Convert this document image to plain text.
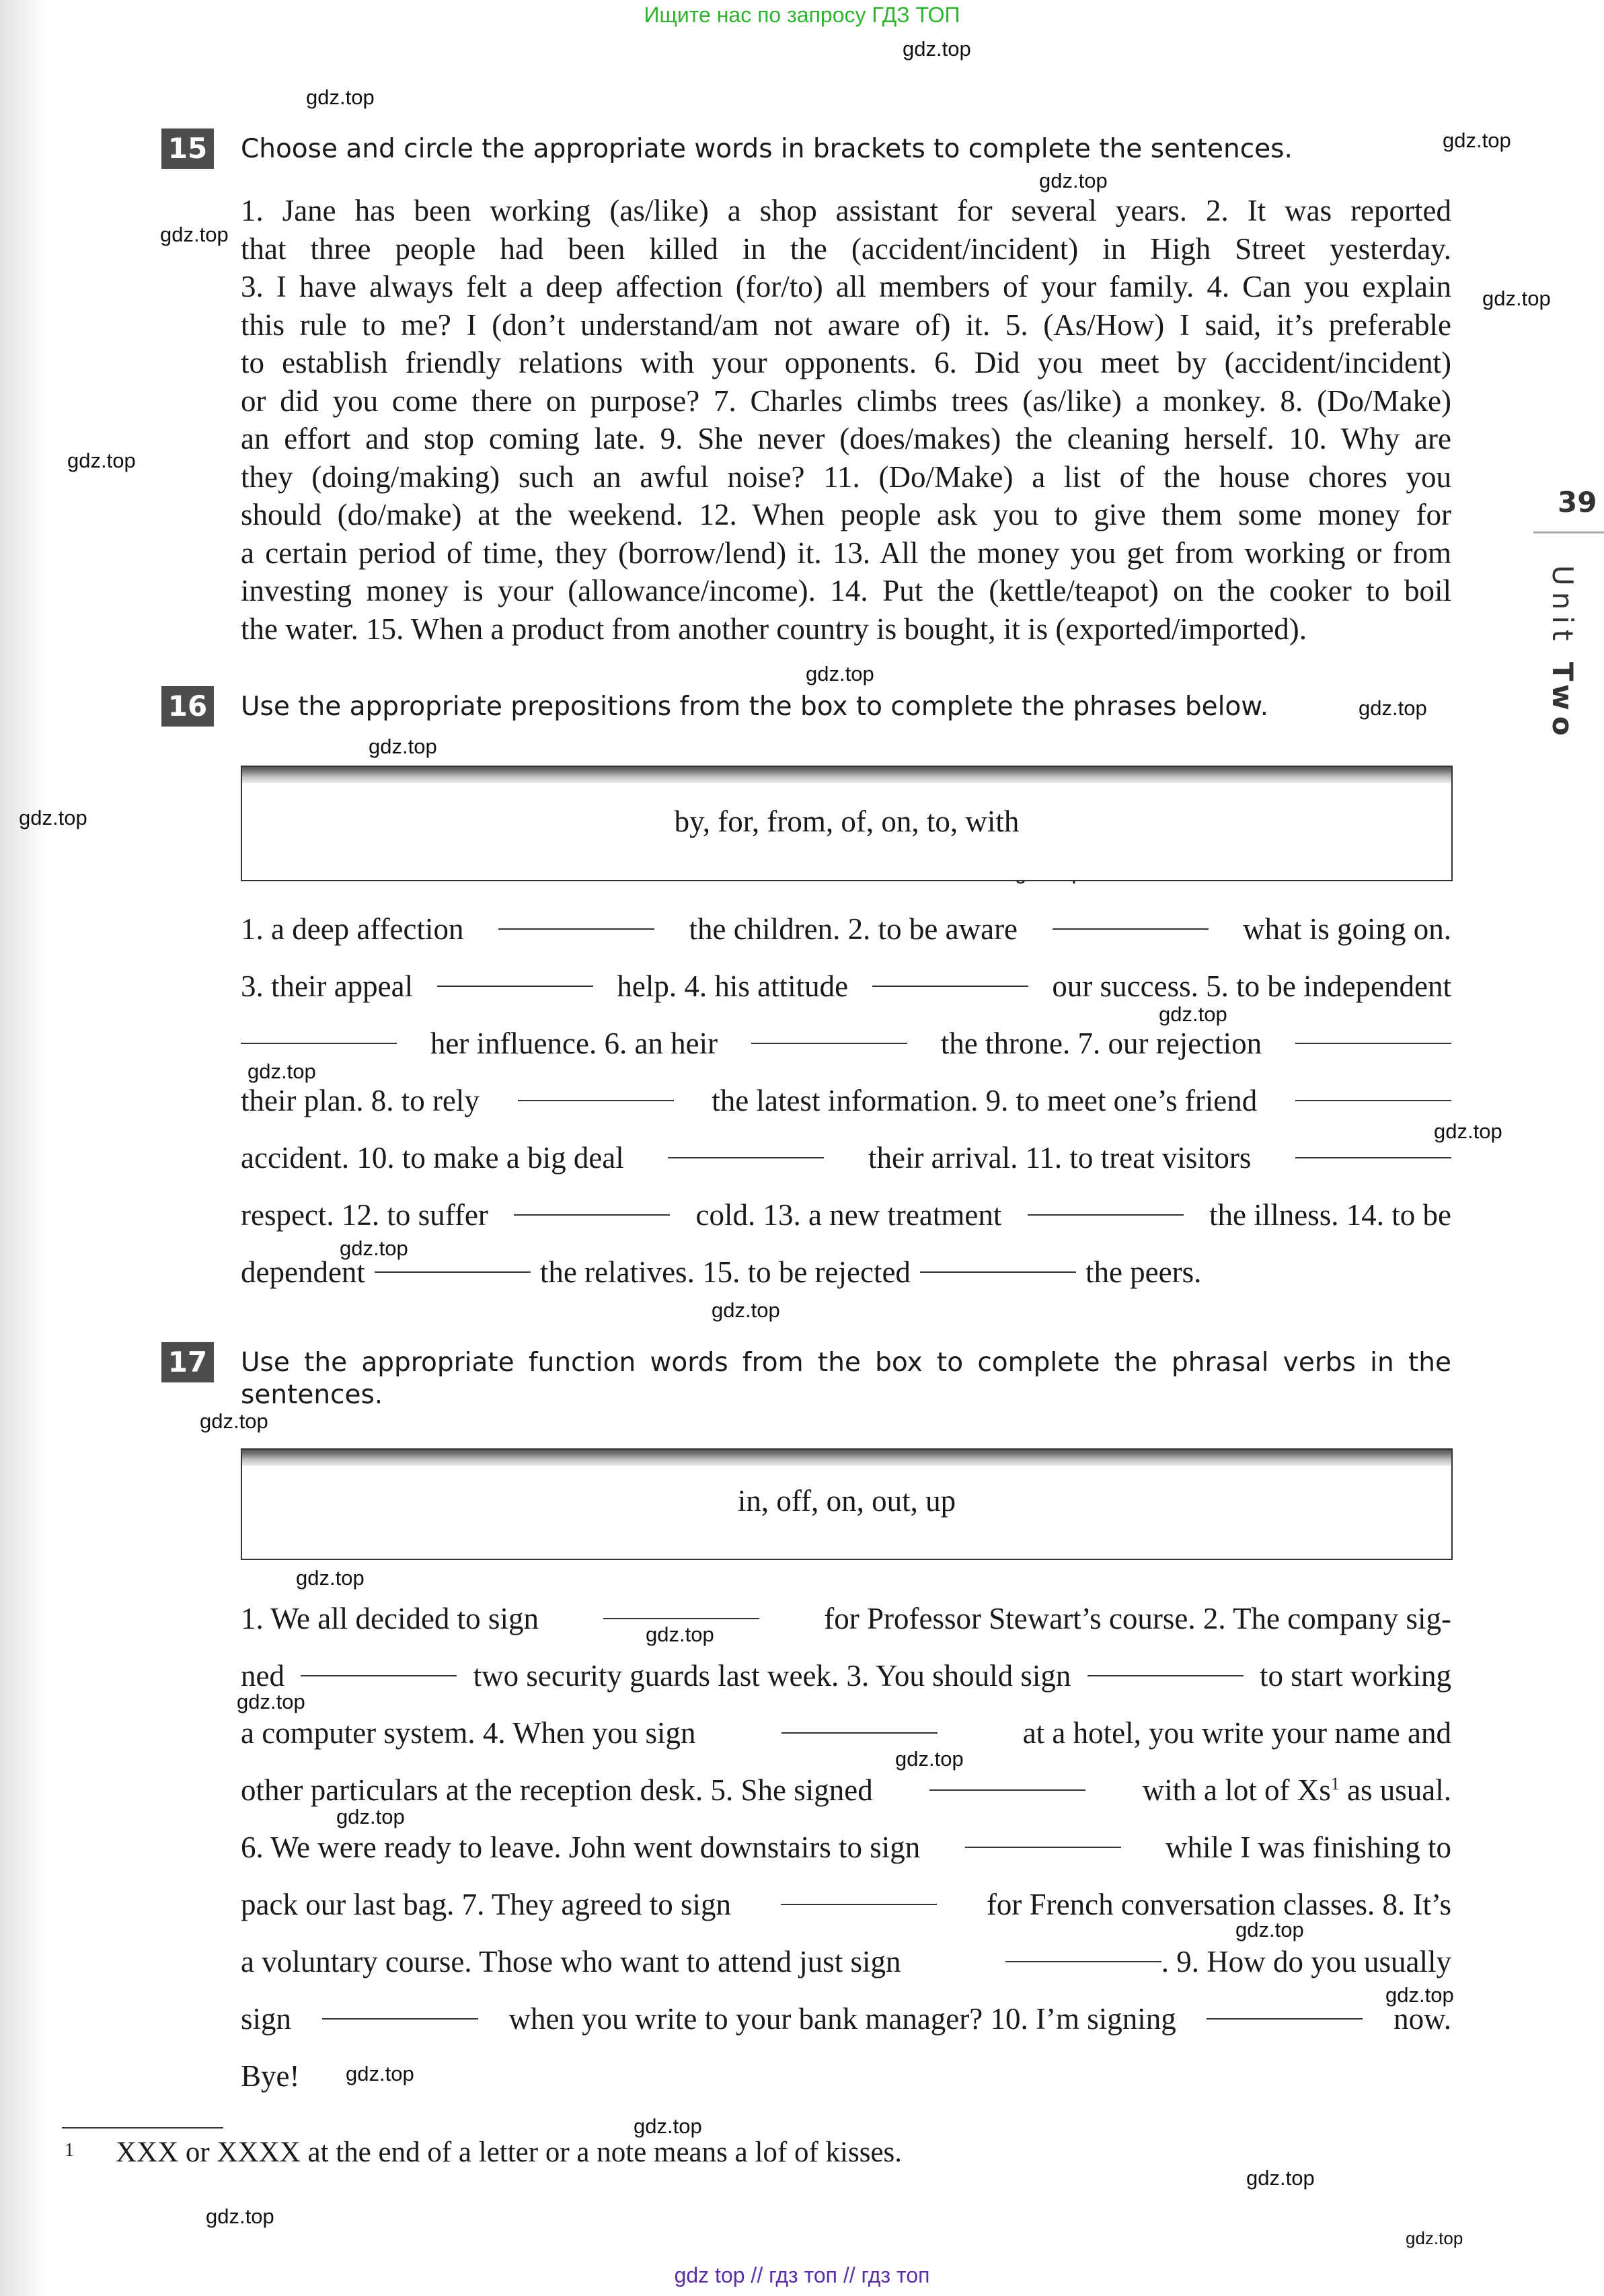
Ищите нас по запросу ГДЗ ТОП
gdz.top
gdz.top
gdz.top
gdz.top
gdz.top
gdz.top
gdz.top
gdz.top
gdz.top
gdz.top
gdz.top
gdz.top
gdz.top
gdz.top
gdz.top
gdz.top
gdz.top
gdz.top
gdz.top
gdz.top
gdz.top
gdz.top
gdz.top
gdz.top
gdz.top
gdz.top
gdz.top
gdz.top
gdz.top
39
Unit Two
15 Choose and circle the appropriate words in brackets to complete the sentences.
1. Jane has been working (as/like) a shop assistant for several years. 2. It was reported
that three people had been killed in the (accident/incident) in High Street yesterday.
3. I have always felt a deep affection (for/to) all members of your family. 4. Can you explain
this rule to me? I (don’t understand/am not aware of) it. 5. (As/How) I said, it’s preferable
to establish friendly relations with your opponents. 6. Did you meet by (accident/incident)
or did you come there on purpose? 7. Charles climbs trees (as/like) a monkey. 8. (Do/Make)
an effort and stop coming late. 9. She never (does/makes) the cleaning herself. 10. Why are
they (doing/making) such an awful noise? 11. (Do/Make) a list of the house chores you
should (do/make) at the weekend. 12. When people ask you to give them some money for
a certain period of time, they (borrow/lend) it. 13. All the money you get from working or from
investing money is your (allowance/income). 14. Put the (kettle/teapot) on the cooker to boil
the water. 15. When a product from another country is bought, it is (exported/imported).
16 Use the appropriate prepositions from the box to complete the phrases below.
by, for, from, of, on, to, with
1. a deep affection	the children. 2. to be aware	what is going on.
3. their appeal	help. 4. his attitude	our success. 5. to be independent
her influence. 6. an heir	the throne. 7. our rejection
their plan. 8. to rely	the latest information. 9. to meet one’s friend
accident. 10. to make a big deal	their arrival. 11. to treat visitors
respect. 12. to suffer	cold. 13. a new treatment	the illness. 14. to be
dependent	the relatives. 15. to be rejected	the peers.
17 Use the appropriate function words from the box to complete the phrasal verbs in the
sentences.
in, off, on, out, up
1. We all decided to sign	for Professor Stewart’s course. 2. The company sig-
ned	two security guards last week. 3. You should sign	to start working
a computer system. 4. When you sign	at a hotel, you write your name and
other particulars at the reception desk. 5. She signed	with a lot of Xs$^1$ as usual.
6. We were ready to leave. John went downstairs to sign	while I was finishing to
pack our last bag. 7. They agreed to sign	for French conversation classes. 8. It’s
a voluntary course. Those who want to attend just sign	. 9. How do you usually
sign	when you write to your bank manager? 10. I’m signing	now.
Bye!
1 XXX or XXXX at the end of a letter or a note means a lof of kisses.
gdz top // гдз топ // гдз топ
